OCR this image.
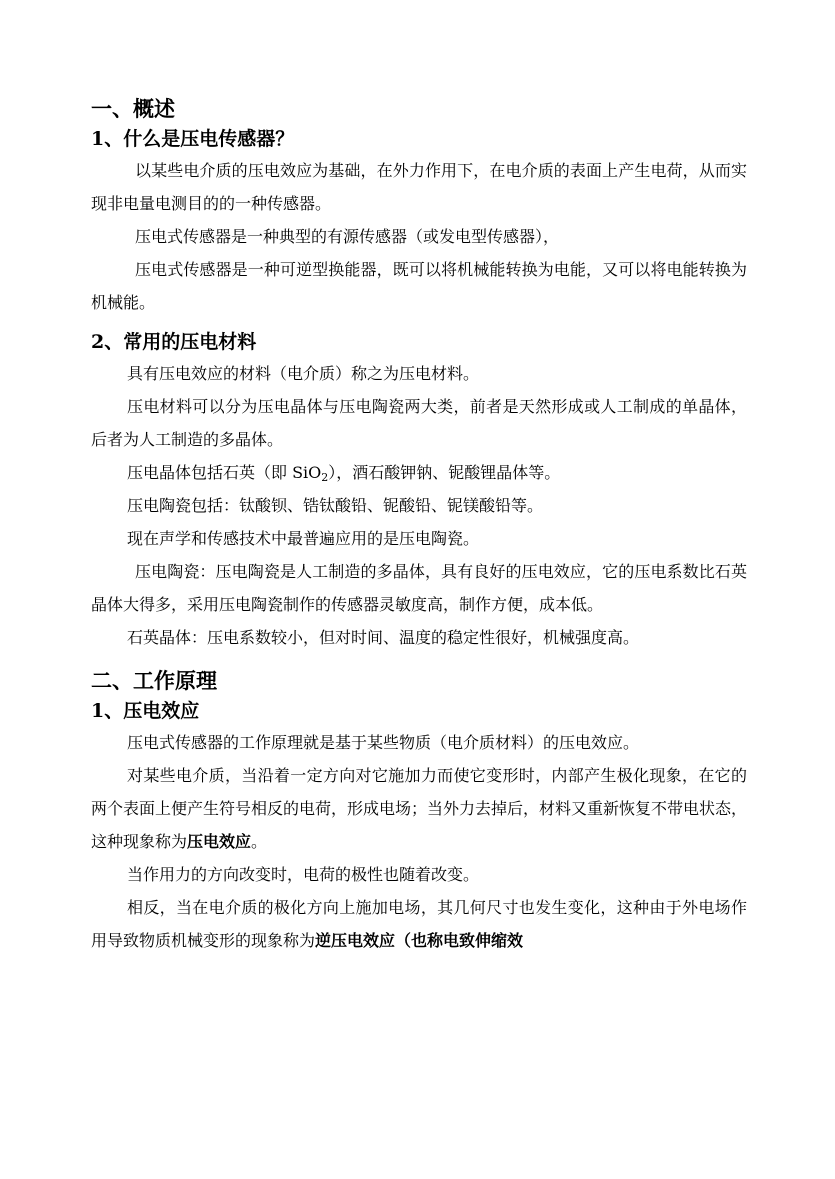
一、概述
1、什么是压电传感器？

以某些电介质的压电效应为基础，在外力作用下，在电介质的表面上产生电荷，从而实现非电量电测目的的一种传感器。

压电式传感器是一种典型的有源传感器（或发电型传感器），

压电式传感器是一种可逆型换能器，既可以将机械能转换为电能，又可以将电能转换为机械能。

2、常用的压电材料

具有压电效应的材料（电介质）称之为压电材料。

压电材料可以分为压电晶体与压电陶瓷两大类，前者是天然形成或人工制成的单晶体，后者为人工制造的多晶体。

压电晶体包括石英（即 SiO$_2$），酒石酸钾钠、铌酸锂晶体等。

压电陶瓷包括：钛酸钡、锆钛酸铅、铌酸铅、铌镁酸铅等。

现在声学和传感技术中最普遍应用的是压电陶瓷。

压电陶瓷：压电陶瓷是人工制造的多晶体，具有良好的压电效应，它的压电系数比石英晶体大得多，采用压电陶瓷制作的传感器灵敏度高，制作方便，成本低。

石英晶体：压电系数较小，但对时间、温度的稳定性很好，机械强度高。

二、工作原理
1、压电效应

压电式传感器的工作原理就是基于某些物质（电介质材料）的压电效应。

对某些电介质，当沿着一定方向对它施加力而使它变形时，内部产生极化现象，在它的两个表面上便产生符号相反的电荷，形成电场；当外力去掉后，材料又重新恢复不带电状态，这种现象称为压电效应。

当作用力的方向改变时，电荷的极性也随着改变。

相反，当在电介质的极化方向上施加电场，其几何尺寸也发生变化，这种由于外电场作用导致物质机械变形的现象称为逆压电效应（也称电致伸缩效
